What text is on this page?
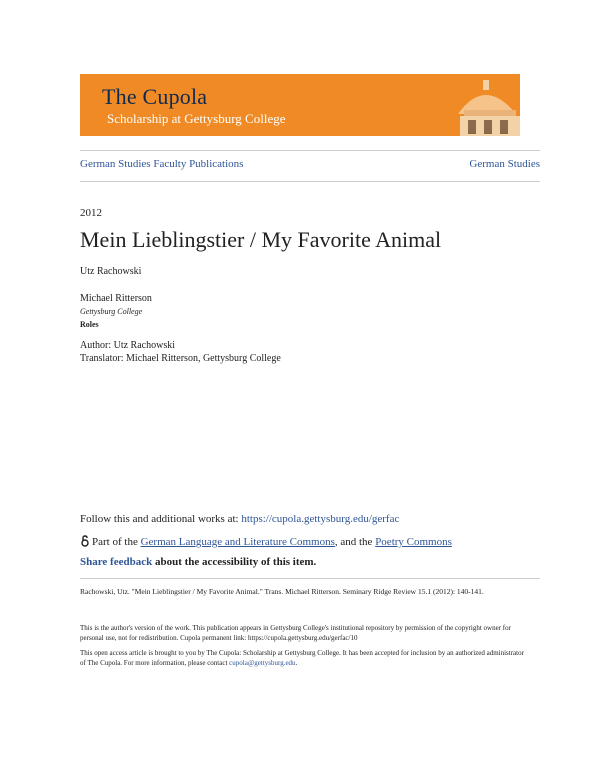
The Cupola
Scholarship at Gettysburg College
German Studies Faculty Publications	German Studies
2012
Mein Lieblingstier / My Favorite Animal
Utz Rachowski
Michael Ritterson
Gettysburg College
Roles
Author: Utz Rachowski
Translator: Michael Ritterson, Gettysburg College
Follow this and additional works at: https://cupola.gettysburg.edu/gerfac
Part of the German Language and Literature Commons, and the Poetry Commons
Share feedback about the accessibility of this item.
Rachowski, Utz. "Mein Lieblingstier / My Favorite Animal." Trans. Michael Ritterson. Seminary Ridge Review 15.1 (2012): 140-141.
This is the author's version of the work. This publication appears in Gettysburg College's institutional repository by permission of the copyright owner for personal use, not for redistribution. Cupola permanent link: https://cupola.gettysburg.edu/gerfac/10
This open access article is brought to you by The Cupola: Scholarship at Gettysburg College. It has been accepted for inclusion by an authorized administrator of The Cupola. For more information, please contact cupola@gettysburg.edu.
